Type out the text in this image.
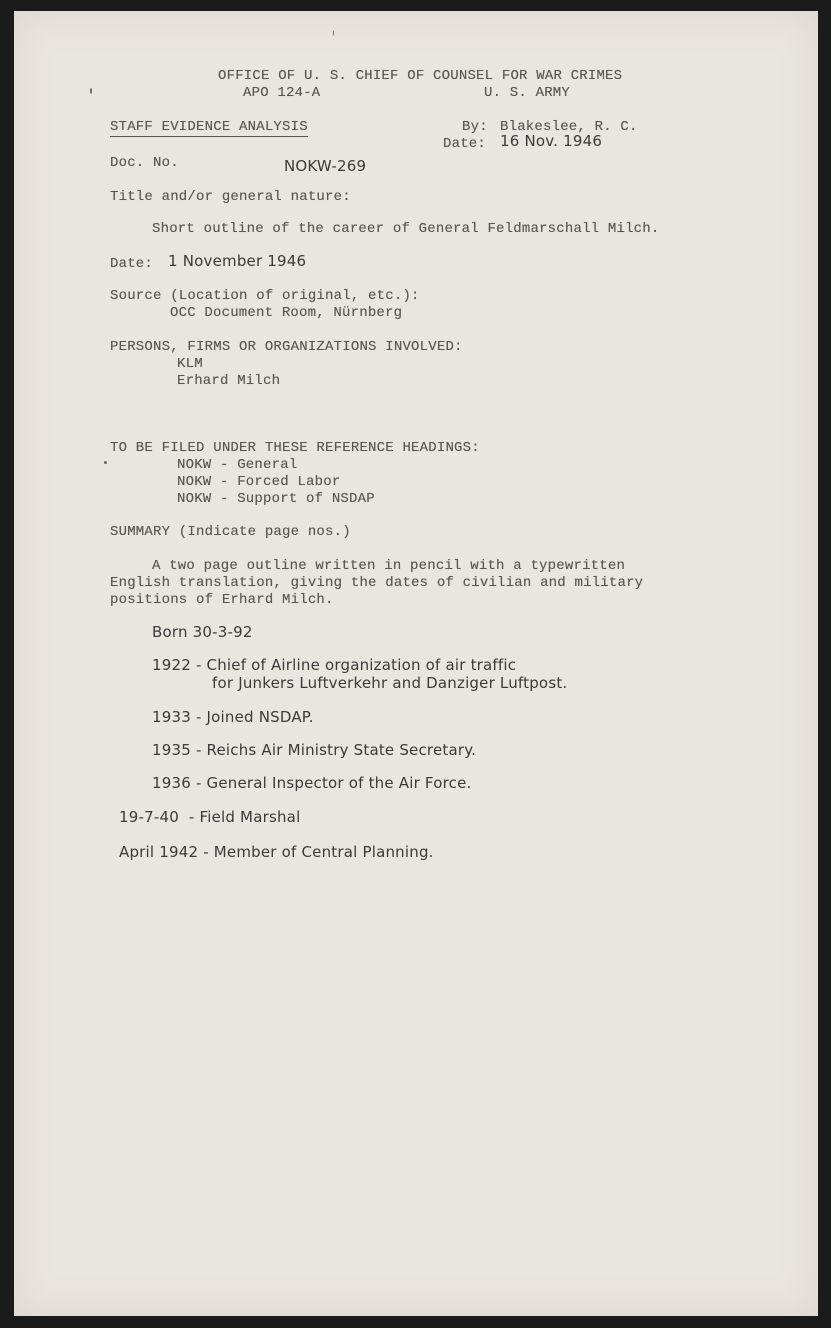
OFFICE OF U. S. CHIEF OF COUNSEL FOR WAR CRIMES
APO 124-A	U. S. ARMY
STAFF EVIDENCE ANALYSIS	By: Blakeslee, R. C.
Date: 16 Nov. 1946
Doc. No.	NOKW-269
Title and/or general nature:
Short outline of the career of General Feldmarschall Milch.
Date: 1 November 1946
Source (Location of original, etc.):
OCC Document Room, Nürnberg
PERSONS, FIRMS OR ORGANIZATIONS INVOLVED:
KLM
Erhard Milch
TO BE FILED UNDER THESE REFERENCE HEADINGS:
NOKW - General
NOKW - Forced Labor
NOKW - Support of NSDAP
SUMMARY (Indicate page nos.)
A two page outline written in pencil with a typewritten
English translation, giving the dates of civilian and military
positions of Erhard Milch.
Born 30-3-92
1922 - Chief of Airline organization of air traffic
for Junkers Luftverkehr and Danziger Luftpost.
1933 - Joined NSDAP.
1935 - Reichs Air Ministry State Secretary.
1936 - General Inspector of the Air Force.
19-7-40  - Field Marshal
April 1942 - Member of Central Planning.
